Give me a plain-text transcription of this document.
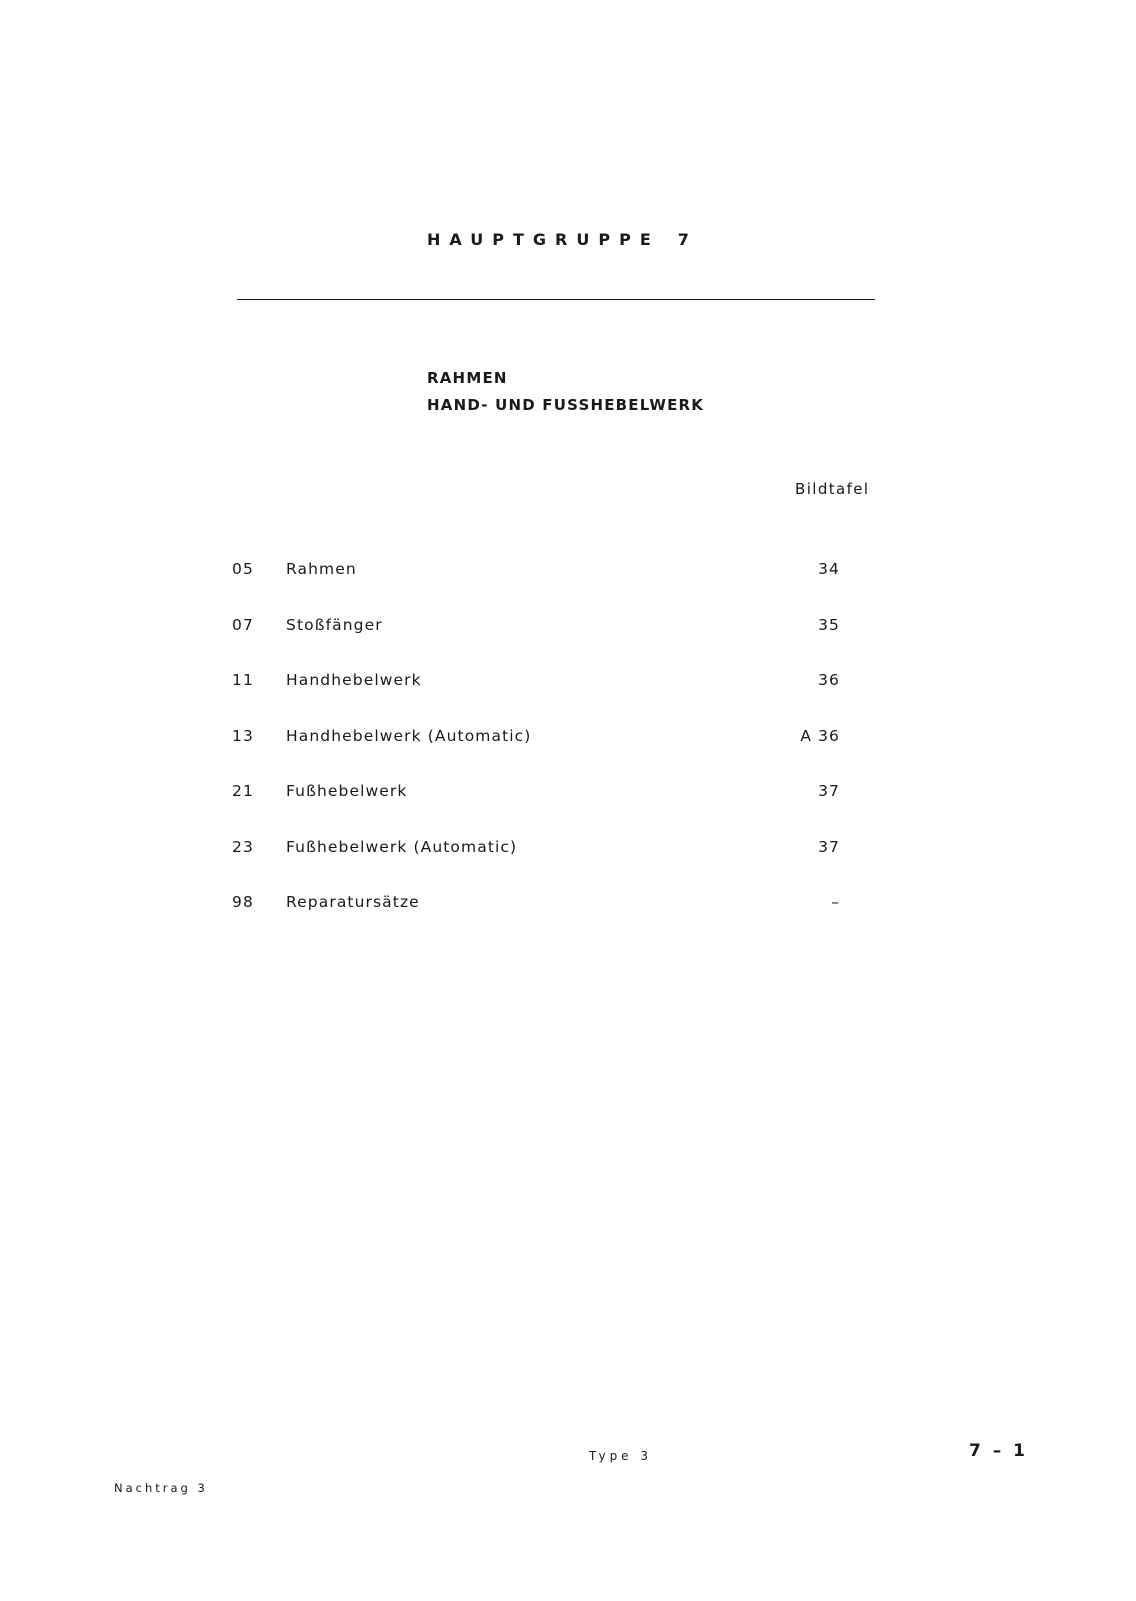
HAUPTGRUPPE 7
RAHMEN
HAND- UND FUSSHEBELWERK
Bildtafel
05 Rahmen	34
07 Stoßfänger	35
11 Handhebelwerk	36
13 Handhebelwerk (Automatic)	A 36
21 Fußhebelwerk	37
23 Fußhebelwerk (Automatic)	37
98 Reparatursätze	–
Type 3	7 – 1
Nachtrag 3
